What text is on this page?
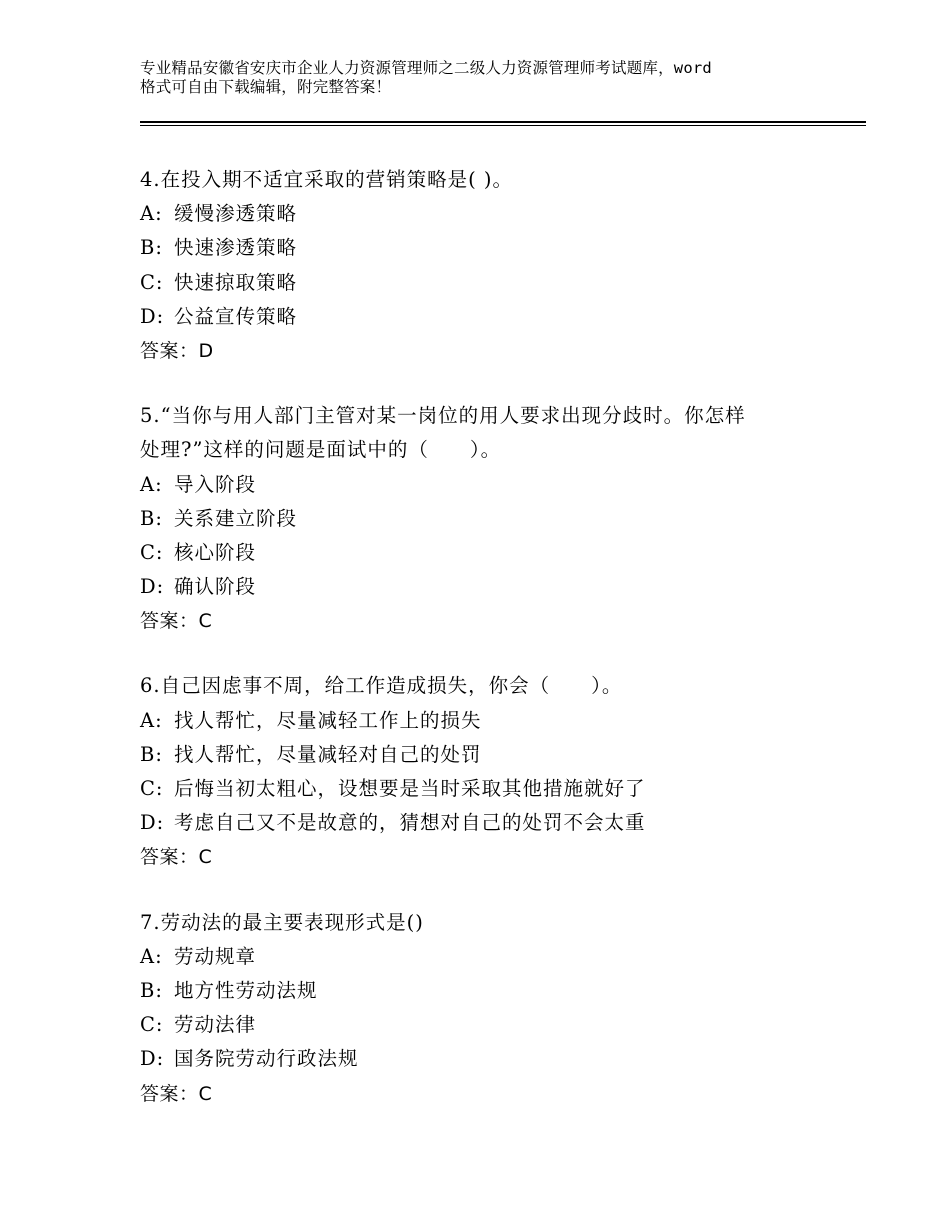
专业精品安徽省安庆市企业人力资源管理师之二级人力资源管理师考试题库，word
格式可自由下载编辑，附完整答案！
4.在投入期不适宜采取的营销策略是( )。
A: 缓慢渗透策略
B: 快速渗透策略
C: 快速掠取策略
D: 公益宣传策略
答案：D
5.“当你与用人部门主管对某一岗位的用人要求出现分歧时。你怎样
处理?”这样的问题是面试中的（　　）。
A: 导入阶段
B: 关系建立阶段
C: 核心阶段
D: 确认阶段
答案：C
6.自己因虑事不周，给工作造成损失，你会（　　）。
A: 找人帮忙，尽量减轻工作上的损失
B: 找人帮忙，尽量减轻对自己的处罚
C: 后悔当初太粗心，设想要是当时采取其他措施就好了
D: 考虑自己又不是故意的，猜想对自己的处罚不会太重
答案：C
7.劳动法的最主要表现形式是()
A: 劳动规章
B: 地方性劳动法规
C: 劳动法律
D: 国务院劳动行政法规
答案：C
